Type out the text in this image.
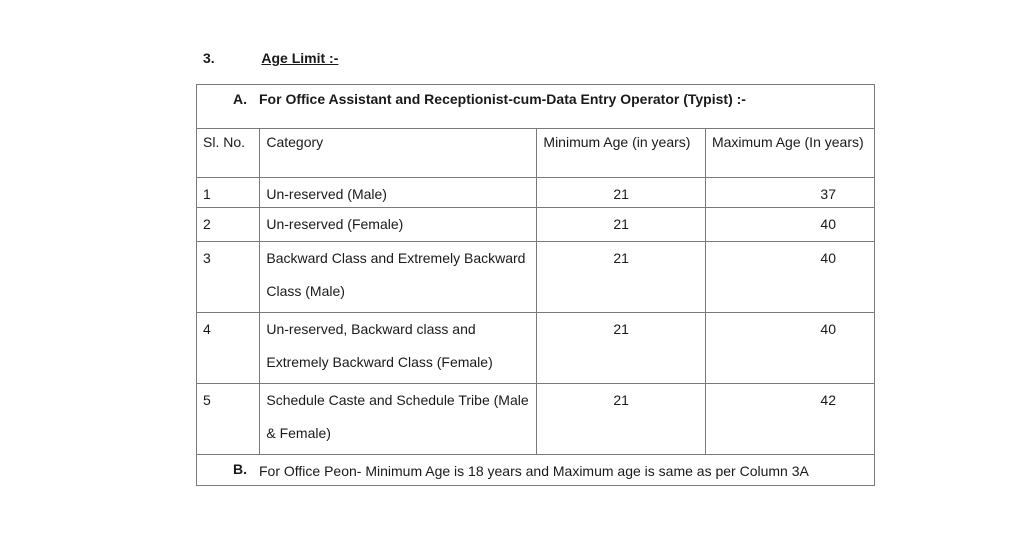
3.	Age Limit :-
A. For Office Assistant and Receptionist-cum-Data Entry Operator (Typist) :-
Sl. No.	Category	Minimum Age (in years)	Maximum Age (In years)
1	Un-reserved (Male)	21	37
2	Un-reserved (Female)	21	40
3	Backward Class and Extremely Backward Class (Male)	21	40
4	Un-reserved, Backward class and Extremely Backward Class (Female)	21	40
5	Schedule Caste and Schedule Tribe (Male & Female)	21	42
B. For Office Peon- Minimum Age is 18 years and Maximum age is same as per Column 3A
